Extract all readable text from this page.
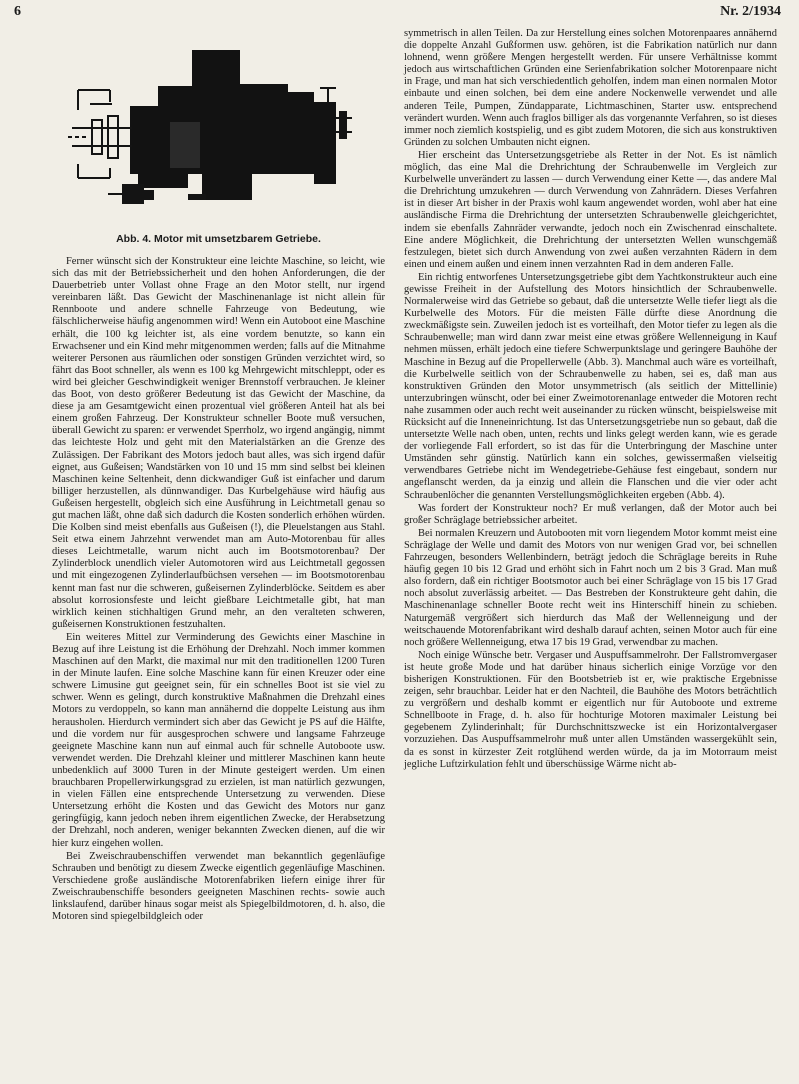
6	Nr. 2/1934
Abb. 4. Motor mit umsetzbarem Getriebe.

Ferner wünscht sich der Konstrukteur eine leichte Maschine, so leicht, wie sich das mit der Betriebssicherheit und den hohen Anforderungen, die der Dauerbetrieb unter Vollast ohne Frage an den Motor stellt, nur irgend vereinbaren läßt. Das Gewicht der Maschinenanlage ist nicht allein für Rennboote und andere schnelle Fahrzeuge von Bedeutung, wie fälschlicherweise häufig angenommen wird! Wenn ein Autoboot eine Maschine erhält, die 100 kg leichter ist, als eine vordem benutzte, so kann ein Erwachsener und ein Kind mehr mitgenommen werden; falls auf die Mitnahme weiterer Personen aus räumlichen oder sonstigen Gründen verzichtet wird, so fährt das Boot schneller, als wenn es 100 kg Mehrgewicht mitschleppt, oder es wird bei gleicher Geschwindigkeit weniger Brennstoff verbrauchen. Je kleiner das Boot, von desto größerer Bedeutung ist das Gewicht der Maschine, da diese ja am Gesamtgewicht einen prozentual viel größeren Anteil hat als bei einem großen Fahrzeug. Der Konstrukteur schneller Boote muß versuchen, überall Gewicht zu sparen: er verwendet Sperrholz, wo irgend angängig, nimmt das leichteste Holz und geht mit den Materialstärken an die Grenze des Zulässigen. Der Fabrikant des Motors jedoch baut alles, was sich irgend dafür eignet, aus Gußeisen; Wandstärken von 10 und 15 mm sind selbst bei kleinen Maschinen keine Seltenheit, denn dickwandiger Guß ist einfacher und darum billiger herzustellen, als dünnwandiger. Das Kurbelgehäuse wird häufig aus Gußeisen hergestellt, obgleich sich eine Ausführung in Leichtmetall genau so gut machen läßt, ohne daß sich dadurch die Kosten sonderlich erhöhen würden. Die Kolben sind meist ebenfalls aus Gußeisen (!), die Pleuelstangen aus Stahl. Seit etwa einem Jahrzehnt verwendet man am Auto-Motorenbau für alles dieses Leichtmetalle, warum nicht auch im Bootsmotorenbau? Der Zylinderblock unendlich vieler Automotoren wird aus Leichtmetall gegossen und mit eingezogenen Zylinderlaufbüchsen versehen — im Bootsmotorenbau kennt man fast nur die schweren, gußeisernen Zylinderblöcke. Seitdem es aber absolut korrosionsfeste und leicht gießbare Leichtmetalle gibt, hat man wirklich keinen stichhaltigen Grund mehr, an den veralteten schweren, gußeisernen Konstruktionen festzuhalten.

Ein weiteres Mittel zur Verminderung des Gewichts einer Maschine in Bezug auf ihre Leistung ist die Erhöhung der Drehzahl. Noch immer kommen Maschinen auf den Markt, die maximal nur mit den traditionellen 1200 Turen in der Minute laufen. Eine solche Maschine kann für einen Kreuzer oder eine schwere Limusine gut geeignet sein, für ein schnelles Boot ist sie viel zu schwer. Wenn es gelingt, durch konstruktive Maßnahmen die Drehzahl eines Motors zu verdoppeln, so kann man annähernd die doppelte Leistung aus ihm herausholen. Hierdurch vermindert sich aber das Gewicht je PS auf die Hälfte, und die vordem nur für ausgesprochen schwere und langsame Fahrzeuge geeignete Maschine kann nun auf einmal auch für schnelle Autoboote usw. verwendet werden. Die Drehzahl kleiner und mittlerer Maschinen kann heute unbedenklich auf 3000 Turen in der Minute gesteigert werden. Um einen brauchbaren Propellerwirkungsgrad zu erzielen, ist man natürlich gezwungen, in vielen Fällen eine entsprechende Untersetzung zu verwenden. Diese Untersetzung erhöht die Kosten und das Gewicht des Motors nur ganz geringfügig, kann jedoch neben ihrem eigentlichen Zwecke, der Herabsetzung der Drehzahl, noch anderen, weniger bekannten Zwecken dienen, auf die wir hier kurz eingehen wollen.

Bei Zweischraubenschiffen verwendet man bekanntlich gegenläufige Schrauben und benötigt zu diesem Zwecke eigentlich gegenläufige Maschinen. Verschiedene große ausländische Motorenfabriken liefern einige ihrer für Zweischraubenschiffe besonders geeigneten Maschinen rechts- sowie auch linkslaufend, darüber hinaus sogar meist als Spiegelbildmotoren, d. h. also, die Motoren sind spiegelbildgleich oder

symmetrisch in allen Teilen. Da zur Herstellung eines solchen Motorenpaares annähernd die doppelte Anzahl Gußformen usw. gehören, ist die Fabrikation natürlich nur dann lohnend, wenn größere Mengen hergestellt werden. Für unsere Verhältnisse kommt jedoch aus wirtschaftlichen Gründen eine Serienfabrikation solcher Motorenpaare nicht in Frage, und man hat sich verschiedentlich geholfen, indem man einen normalen Motor einbaute und einen solchen, bei dem eine andere Nockenwelle verwendet und alle anderen Teile, Pumpen, Zündapparate, Lichtmaschinen, Starter usw. entsprechend verändert wurden. Wenn auch fraglos billiger als das vorgenannte Verfahren, so ist dieses immer noch ziemlich kostspielig, und es gibt zudem Motoren, die sich aus konstruktiven Gründen zu solchen Umbauten nicht eignen.

Hier erscheint das Untersetzungsgetriebe als Retter in der Not. Es ist nämlich möglich, das eine Mal die Drehrichtung der Schraubenwelle im Vergleich zur Kurbelwelle unverändert zu lassen — durch Verwendung einer Kette —, das andere Mal die Drehrichtung umzukehren — durch Verwendung von Zahnrädern. Dieses Verfahren ist in dieser Art bisher in der Praxis wohl kaum angewendet worden, wohl aber hat eine ausländische Firma die Drehrichtung der untersetzten Schraubenwelle gleichgerichtet, indem sie ebenfalls Zahnräder verwandte, jedoch noch ein Zwischenrad einschaltete. Eine andere Möglichkeit, die Drehrichtung der untersetzten Wellen wunschgemäß festzulegen, bietet sich durch Anwendung von zwei außen verzahnten Rädern in dem einen und einem außen und einem innen verzahnten Rad in dem anderen Falle.

Ein richtig entworfenes Untersetzungsgetriebe gibt dem Yachtkonstrukteur auch eine gewisse Freiheit in der Aufstellung des Motors hinsichtlich der Schraubenwelle. Normalerweise wird das Getriebe so gebaut, daß die untersetzte Welle tiefer liegt als die Kurbelwelle des Motors. Für die meisten Fälle dürfte diese Anordnung die zweckmäßigste sein. Zuweilen jedoch ist es vorteilhaft, den Motor tiefer zu legen als die Schraubenwelle; man wird dann zwar meist eine etwas größere Wellenneigung in Kauf nehmen müssen, erhält jedoch eine tiefere Schwerpunktslage und geringere Bauhöhe der Maschine in Bezug auf die Propellerwelle (Abb. 3). Manchmal auch wäre es vorteilhaft, die Kurbelwelle seitlich von der Schraubenwelle zu haben, sei es, daß man aus konstruktiven Gründen den Motor unsymmetrisch (als seitlich der Mittellinie) unterzubringen wünscht, oder bei einer Zweimotorenanlage entweder die Motoren recht nahe zusammen oder auch recht weit auseinander zu rücken wünscht, beispielsweise mit Rücksicht auf die Inneneinrichtung. Ist das Untersetzungsgetriebe nun so gebaut, daß die untersetzte Welle nach oben, unten, rechts und links gelegt werden kann, wie es gerade der vorliegende Fall erfordert, so ist das für die Unterbringung der Maschine unter Umständen sehr günstig. Natürlich kann ein solches, gewissermaßen vielseitig verwendbares Getriebe nicht im Wendegetriebe-Gehäuse fest eingebaut, sondern nur angeflanscht werden, da ja einzig und allein die Flanschen und die vier oder acht Schraubenlöcher die genannten Verstellungsmöglichkeiten ergeben (Abb. 4).

Was fordert der Konstrukteur noch? Er muß verlangen, daß der Motor auch bei großer Schräglage betriebssicher arbeitet.

Bei normalen Kreuzern und Autobooten mit vorn liegendem Motor kommt meist eine Schräglage der Welle und damit des Motors von nur wenigen Grad vor, bei schnellen Fahrzeugen, besonders Wellenbindern, beträgt jedoch die Schräglage bereits in Ruhe häufig gegen 10 bis 12 Grad und erhöht sich in Fahrt noch um 2 bis 3 Grad. Man muß also fordern, daß ein richtiger Bootsmotor auch bei einer Schräglage von 15 bis 17 Grad noch absolut zuverlässig arbeitet. — Das Bestreben der Konstrukteure geht dahin, die Maschinenanlage schneller Boote recht weit ins Hinterschiff hinein zu schieben. Naturgemäß vergrößert sich hierdurch das Maß der Wellenneigung und der weitschauende Motorenfabrikant wird deshalb darauf achten, seinen Motor auch für eine noch größere Wellenneigung, etwa 17 bis 19 Grad, verwendbar zu machen.

Noch einige Wünsche betr. Vergaser und Auspuffsammelrohr. Der Fallstromvergaser ist heute große Mode und hat darüber hinaus sicherlich einige Vorzüge vor den bisherigen Konstruktionen. Für den Bootsbetrieb ist er, wie praktische Ergebnisse zeigen, sehr brauchbar. Leider hat er den Nachteil, die Bauhöhe des Motors beträchtlich zu vergrößern und deshalb kommt er eigentlich nur für Autoboote und extreme Schnellboote in Frage, d. h. also für hochturige Motoren maximaler Leistung bei gegebenem Zylinderinhalt; für Durchschnittszwecke ist ein Horizontalvergaser vorzuziehen. Das Auspuffsammelrohr muß unter allen Umständen wassergekühlt sein, da es sonst in kürzester Zeit rotglühend werden würde, da ja im Motorraum meist jegliche Luftzirkulation fehlt und überschüssige Wärme nicht ab-
